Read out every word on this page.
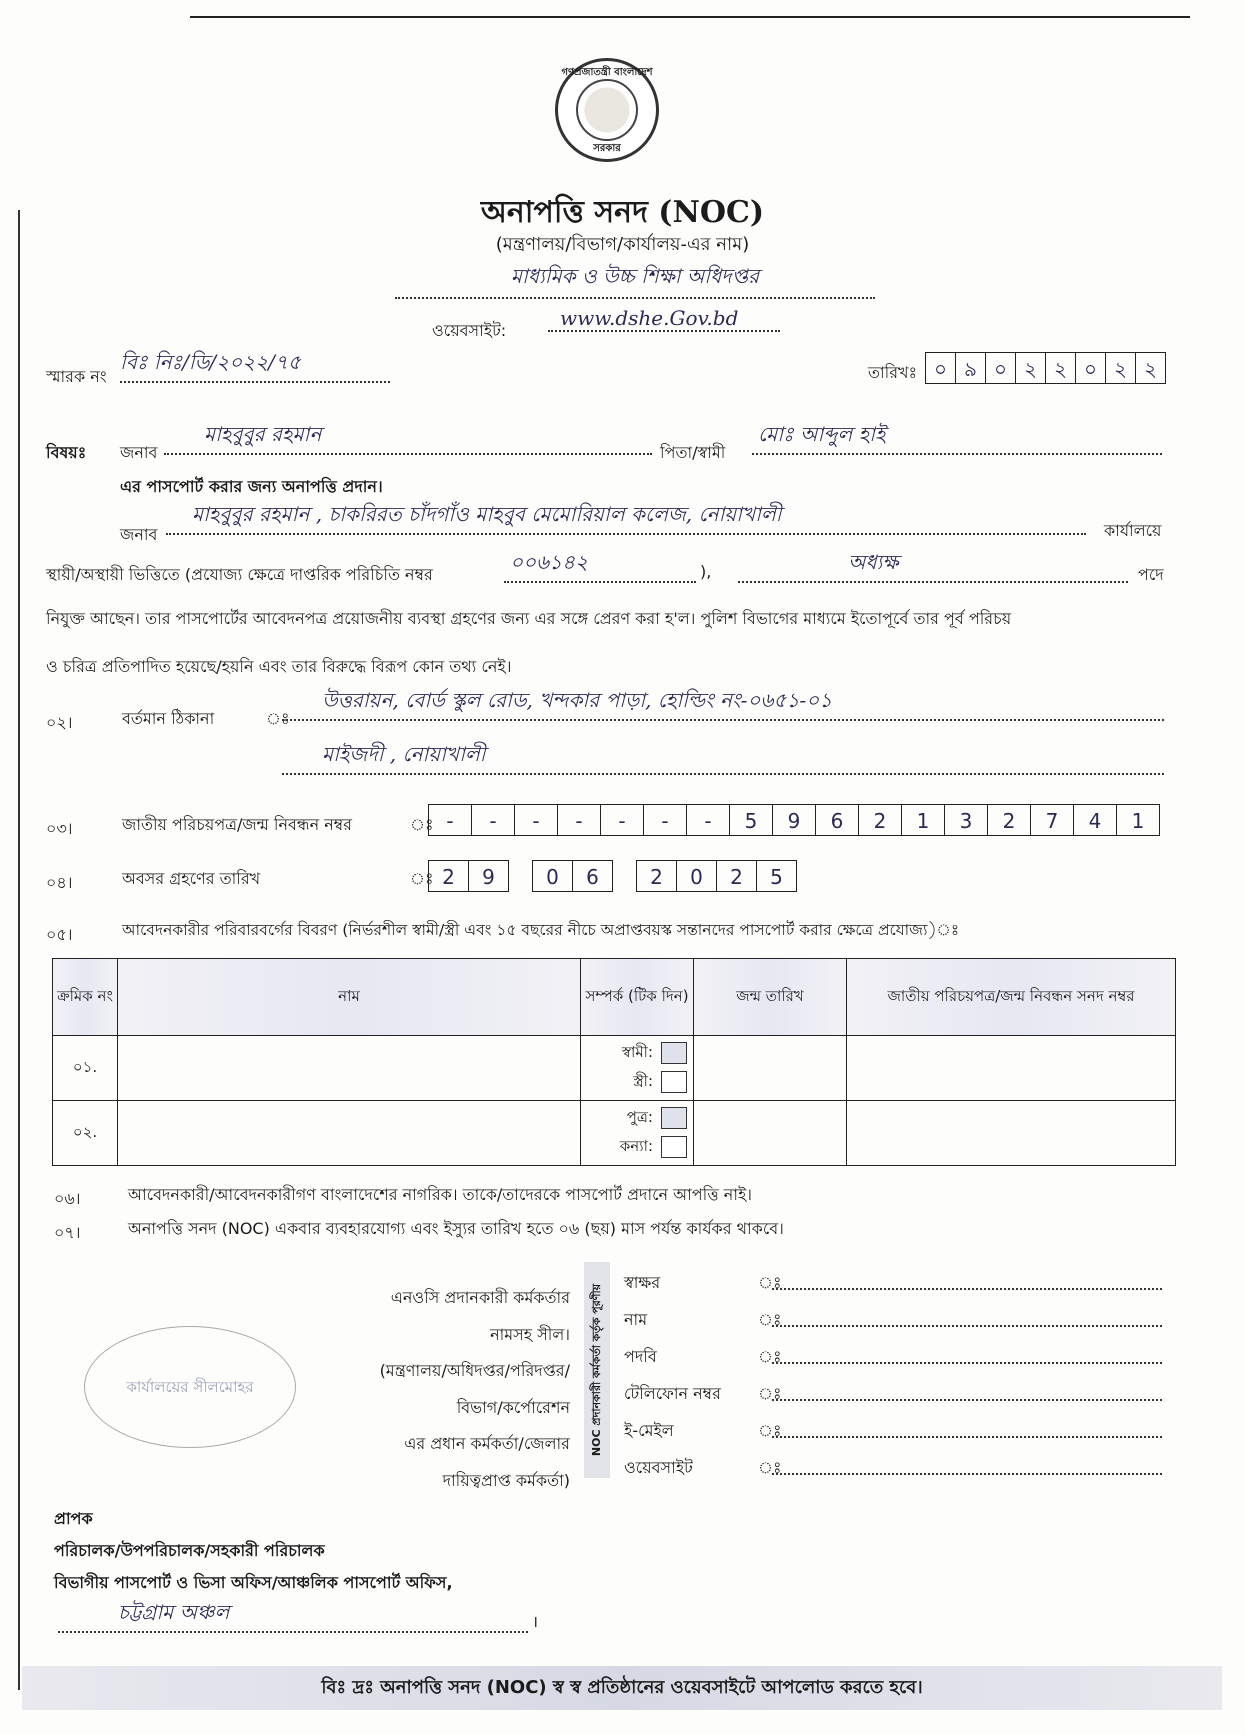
গণপ্রজাতন্ত্রী বাংলাদেশ
সরকার
অনাপত্তি সনদ (NOC)
(মন্ত্রণালয়/বিভাগ/কার্যালয়-এর নাম)
মাধ্যমিক ও উচ্চ শিক্ষা অধিদপ্তর
ওয়েবসাইট:
www.dshe.Gov.bd
স্মারক নং
বিঃ নিঃ/ডি/২০২২/৭৫	তারিখঃ ০ ৯ ০ ২ ২ ০ ২ ২
বিষয়ঃ জনাব
মাহবুবুর রহমান
পিতা/স্বামী
মোঃ আব্দুল হাই
এর পাসপোর্ট করার জন্য অনাপত্তি প্রদান।
জনাব
মাহবুবুর রহমান , চাকরিরত চাঁদগাঁও মাহবুব মেমোরিয়াল কলেজ, নোয়াখালী
কার্যালয়ে
স্থায়ী/অস্থায়ী ভিত্তিতে (প্রযোজ্য ক্ষেত্রে দাপ্তরিক পরিচিতি নম্বর
০০৬১৪২	),	অধ্যক্ষ
পদে
নিযুক্ত আছেন। তার পাসপোর্টের আবেদনপত্র প্রয়োজনীয় ব্যবস্থা গ্রহণের জন্য এর সঙ্গে প্রেরণ করা হ'ল। পুলিশ বিভাগের মাধ্যমে ইতোপূর্বে তার পূর্ব পরিচয়
ও চরিত্র প্রতিপাদিত হয়েছে/হয়নি এবং তার বিরুদ্ধে বিরূপ কোন তথ্য নেই।
০২।	বর্তমান ঠিকানা	ঃ
উত্তরায়ন, বোর্ড স্কুল রোড, খন্দকার পাড়া, হোল্ডিং নং-০৬৫১-০১
মাইজদী , নোয়াখালী
০৩।	জাতীয় পরিচয়পত্র/জন্ম নিবন্ধন নম্বর	ঃ -	-	-	-	-	-	-	5	9	6	2	1	3	2	7	4	1
০৪।	অবসর গ্রহণের তারিখ	ঃ 2	9	0	6	2	0	2	5
০৫।	আবেদনকারীর পরিবারবর্গের বিবরণ (নির্ভরশীল স্বামী/স্ত্রী এবং ১৫ বছরের নীচে অপ্রাপ্তবয়স্ক সন্তানদের পাসপোর্ট করার ক্ষেত্রে প্রযোজ্য)ঃ
ক্রমিক নং	নাম	সম্পর্ক (টিক দিন)	জন্ম তারিখ	জাতীয় পরিচয়পত্র/জন্ম নিবন্ধন সনদ নম্বর
০১.		স্বামী:
স্ত্রী:		

০২.		পুত্র:
কন্যা:		

০৬।	আবেদনকারী/আবেদনকারীগণ বাংলাদেশের নাগরিক। তাকে/তাদেরকে পাসপোর্ট প্রদানে আপত্তি নাই।
০৭।	অনাপত্তি সনদ (NOC) একবার ব্যবহারযোগ্য এবং ইস্যুর তারিখ হতে ০৬ (ছয়) মাস পর্যন্ত কার্যকর থাকবে।
কার্যালয়ের সীলমোহর
এনওসি প্রদানকারী কর্মকর্তার
নামসহ সীল।
(মন্ত্রণালয়/অধিদপ্তর/পরিদপ্তর/
বিভাগ/কর্পোরেশন
এর প্রধান কর্মকর্তা/জেলার
দায়িত্বপ্রাপ্ত কর্মকর্তা)
NOC প্রদানকারী কর্মকর্তা কর্তৃক পূরণীয়
স্বাক্ষর	ঃ
নাম	ঃ
পদবি	ঃ
টেলিফোন নম্বর ঃ
ই-মেইল	ঃ
ওয়েবসাইট	ঃ
প্রাপক
পরিচালক/উপপরিচালক/সহকারী পরিচালক
বিভাগীয় পাসপোর্ট ও ভিসা অফিস/আঞ্চলিক পাসপোর্ট অফিস,
চট্টগ্রাম অঞ্চল	।
বিঃ দ্রঃ অনাপত্তি সনদ (NOC) স্ব স্ব প্রতিষ্ঠানের ওয়েবসাইটে আপলোড করতে হবে।
